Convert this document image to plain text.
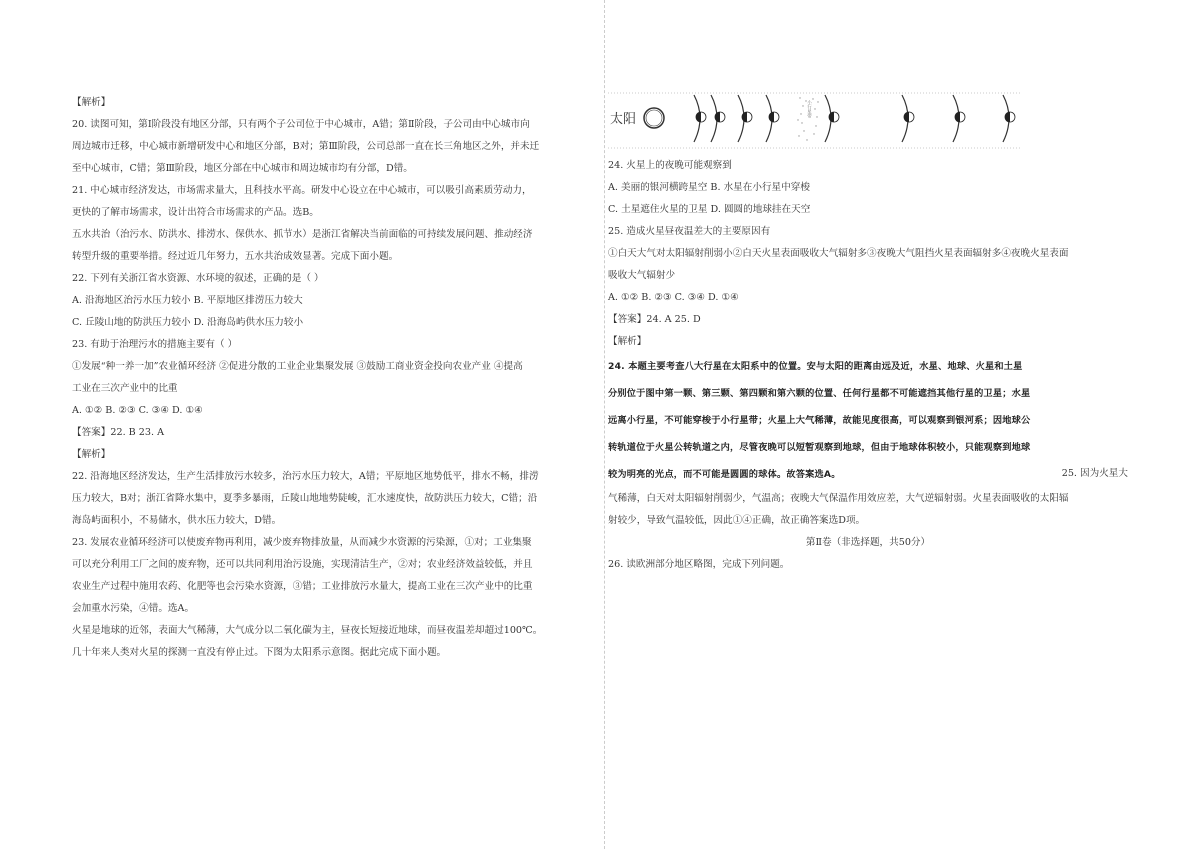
【解析】

20. 读图可知，第Ⅰ阶段没有地区分部，只有两个子公司位于中心城市，A错；第Ⅱ阶段，子公司由中心城市向

周边城市迁移，中心城市新增研发中心和地区分部，B对；第Ⅲ阶段，公司总部一直在长三角地区之外，并未迁

至中心城市，C错；第Ⅲ阶段，地区分部在中心城市和周边城市均有分部，D错。

21. 中心城市经济发达，市场需求量大，且科技水平高。研发中心设立在中心城市，可以吸引高素质劳动力，

更快的了解市场需求，设计出符合市场需求的产品。选B。

五水共治（治污水、防洪水、排涝水、保供水、抓节水）是浙江省解决当前面临的可持续发展问题、推动经济

转型升级的重要举措。经过近几年努力，五水共治成效显著。完成下面小题。

22. 下列有关浙江省水资源、水环境的叙述，正确的是（ ）

A. 沿海地区治污水压力较小 B. 平原地区排涝压力较大

C. 丘陵山地的防洪压力较小 D. 沿海岛屿供水压力较小

23. 有助于治理污水的措施主要有（ ）

①发展“种一养一加”农业循环经济 ②促进分散的工业企业集聚发展 ③鼓励工商业资金投向农业产业 ④提高

工业在三次产业中的比重

A. ①② B. ②③ C. ③④ D. ①④

【答案】22. B 23. A

【解析】

22. 沿海地区经济发达，生产生活排放污水较多，治污水压力较大，A错；平原地区地势低平，排水不畅，排涝

压力较大，B对；浙江省降水集中，夏季多暴雨，丘陵山地地势陡峻，汇水速度快，故防洪压力较大，C错；沿

海岛屿面积小，不易储水，供水压力较大，D错。

23. 发展农业循环经济可以使废弃物再利用，减少废弃物排放量，从而减少水资源的污染源，①对；工业集聚

可以充分利用工厂之间的废弃物，还可以共同利用治污设施，实现清洁生产，②对；农业经济效益较低，并且

农业生产过程中施用农药、化肥等也会污染水资源，③错；工业排放污水量大，提高工业在三次产业中的比重

会加重水污染，④错。选A。

火星是地球的近邻，表面大气稀薄，大气成分以二氧化碳为主，昼夜长短接近地球，而昼夜温差却超过100℃。

几十年来人类对火星的探测一直没有停止过。下图为太阳系示意图。据此完成下面小题。

太阳
小行星带

24. 火星上的夜晚可能观察到

A. 美丽的银河横跨星空 B. 水星在小行星中穿梭

C. 土星遮住火星的卫星 D. 圆圆的地球挂在天空

25. 造成火星昼夜温差大的主要原因有

①白天大气对太阳辐射削弱小②白天火星表面吸收大气辐射多③夜晚大气阻挡火星表面辐射多④夜晚火星表面

吸收大气辐射少

A. ①② B. ②③ C. ③④ D. ①④

【答案】24. A 25. D

【解析】

24. 本题主要考查八大行星在太阳系中的位置。安与太阳的距离由远及近，水星、地球、火星和土星

分别位于图中第一颗、第三颗、第四颗和第六颗的位置、任何行星都不可能遮挡其他行星的卫星；水星

远离小行星，不可能穿梭于小行星带；火星上大气稀薄，故能见度很高，可以观察到银河系；因地球公

转轨道位于火星公转轨道之内，尽管夜晚可以短暂观察到地球，但由于地球体积较小，只能观察到地球

较为明亮的光点，而不可能是圆圆的球体。故答案选A。	25. 因为火星大

气稀薄，白天对太阳辐射削弱少，气温高；夜晚大气保温作用效应差，大气逆辐射弱。火星表面吸收的太阳辐

射较少，导致气温较低，因此①④正确，故正确答案选D项。

第Ⅱ卷（非选择题，共50分）

26. 读欧洲部分地区略图，完成下列问题。
